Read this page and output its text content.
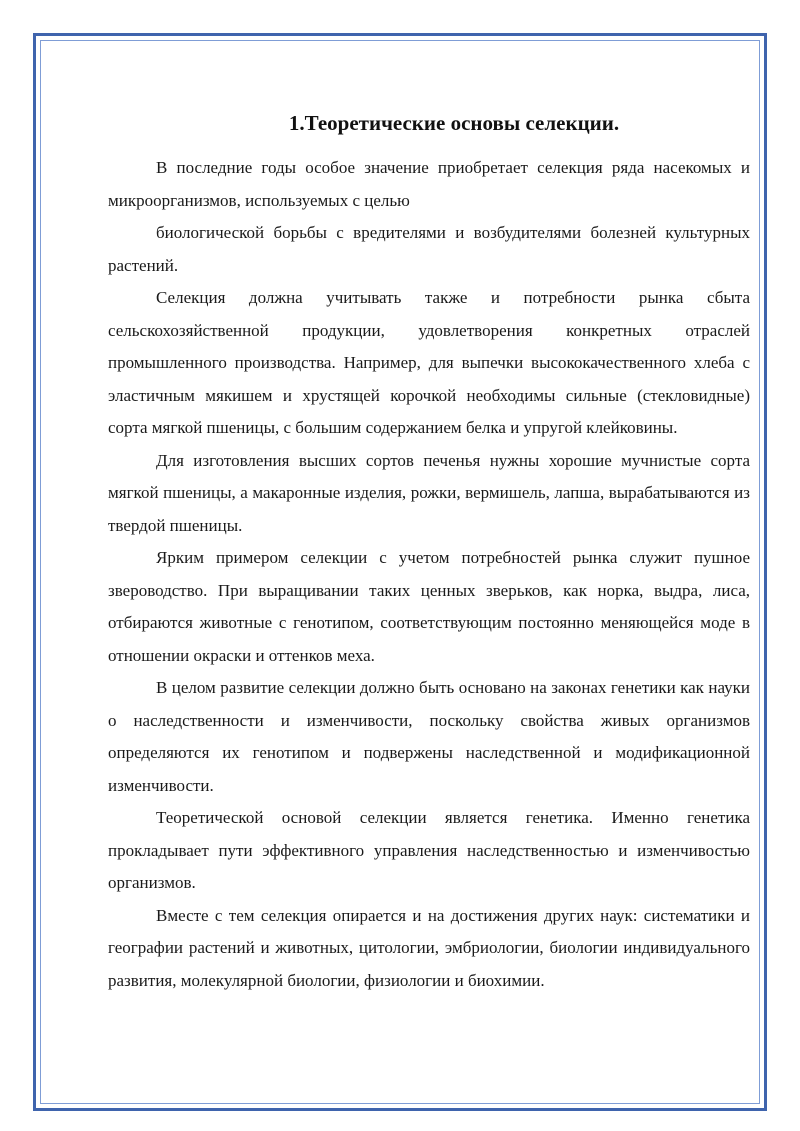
1.Теоретические основы селекции.

В последние годы особое значение приобретает селекция ряда насекомых и микроорганизмов, используемых с целью

биологической борьбы с вредителями и возбудителями болезней культурных растений.

Селекция должна учитывать также и потребности рынка сбыта сельскохозяйственной продукции, удовлетворения конкретных отраслей промышленного производства. Например, для выпечки высококачественного хлеба с эластичным мякишем и хрустящей корочкой необходимы сильные (стекловидные) сорта мягкой пшеницы, с большим содержанием белка и упругой клейковины.

Для изготовления высших сортов печенья нужны хорошие мучнистые сорта мягкой пшеницы, а макаронные изделия, рожки, вермишель, лапша, вырабатываются из твердой пшеницы.

Ярким примером селекции с учетом потребностей рынка служит пушное звероводство. При выращивании таких ценных зверьков, как норка, выдра, лиса, отбираются животные с генотипом, соответствующим постоянно меняющейся моде в отношении окраски и оттенков меха.

В целом развитие селекции должно быть основано на законах генетики как науки о наследственности и изменчивости, поскольку свойства живых организмов определяются их генотипом и подвержены наследственной и модификационной изменчивости.

Теоретической основой селекции является генетика. Именно генетика прокладывает пути эффективного управления наследственностью и изменчивостью организмов.

Вместе с тем селекция опирается и на достижения других наук: систематики и географии растений и животных, цитологии, эмбриологии, биологии индивидуального развития, молекулярной биологии, физиологии и биохимии.
